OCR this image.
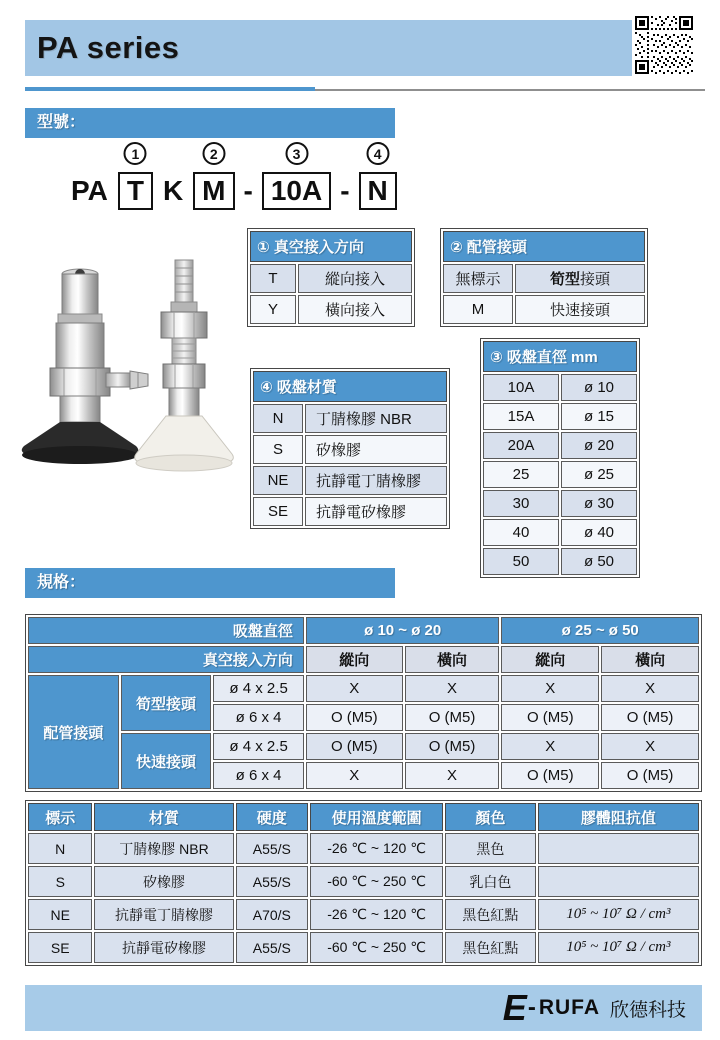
PA series
型號：
PA
1
T K
2
M -
3
10A -
4
N
① 真空接入方向	
T	縱向接入
Y	橫向接入
② 配管接頭	
無標示	筍型接頭
M	快速接頭
③ 吸盤直徑 mm	
10A	ø 10
15A	ø 15
20A	ø 20
25	ø 25
30	ø 30
40	ø 40
50	ø 50
④ 吸盤材質	
N	丁腈橡膠 NBR
S	矽橡膠
NE	抗靜電丁腈橡膠
SE	抗靜電矽橡膠
規格：
吸盤直徑			ø 10 ~ ø 20		ø 25 ~ ø 50	
真空接入方向			縱向	橫向	縱向	橫向
配管接頭	筍型接頭	ø 4 x 2.5	X	X	X	X
		ø 6 x 4	O (M5)	O (M5)	O (M5)	O (M5)
	快速接頭	ø 4 x 2.5	O (M5)	O (M5)	X	X
		ø 6 x 4	X	X	O (M5)	O (M5)
標示	材質	硬度	使用溫度範圍	顏色	膠體阻抗值
N	丁腈橡膠 NBR	A55/S	-26 ℃ ~ 120 ℃	黑色	
S	矽橡膠	A55/S	-60 ℃ ~ 250 ℃	乳白色	
NE	抗靜電丁腈橡膠	A70/S	-26 ℃ ~ 120 ℃	黑色紅點	10⁵ ~ 10⁷ Ω / cm³
SE	抗靜電矽橡膠	A55/S	-60 ℃ ~ 250 ℃	黑色紅點	10⁵ ~ 10⁷ Ω / cm³
E - RUFA 欣德科技
